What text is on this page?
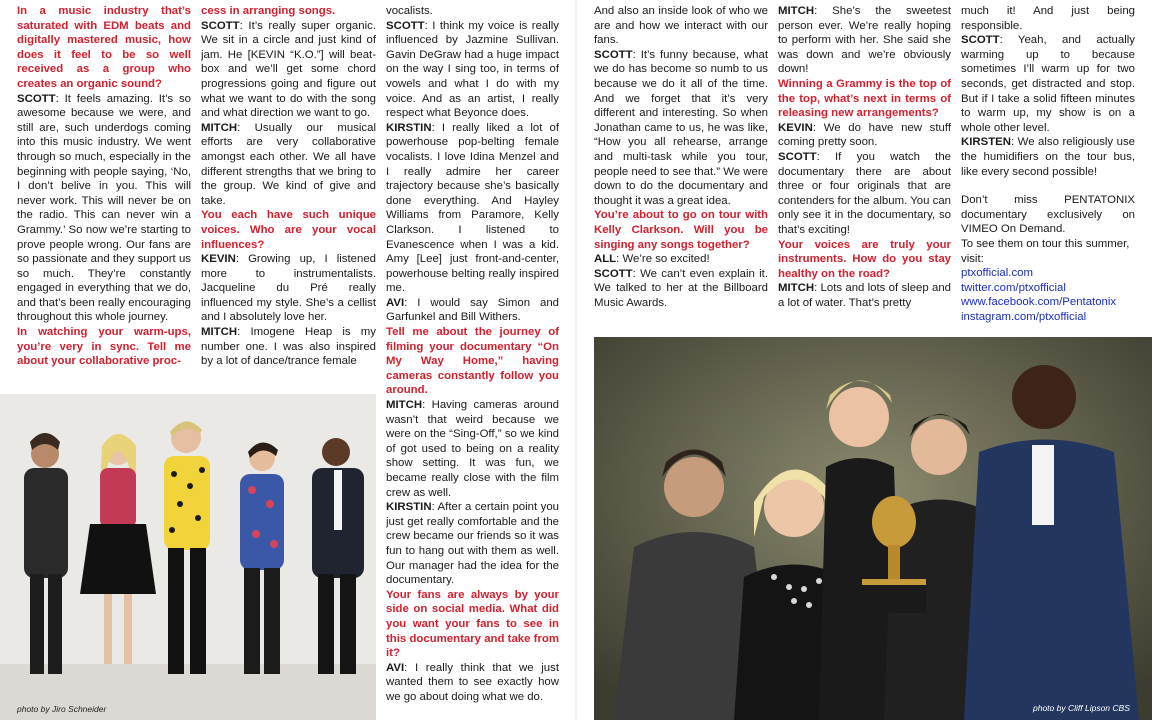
In a music industry that’s saturated with EDM beats and digitally mastered music, how does it feel to be so well received as a group who creates an organic sound?

SCOTT: It feels amazing. It’s so awesome because we were, and still are, such underdogs coming into this music industry. We went through so much, especially in the beginning with people saying, ‘No, I don’t belive in you. This will never work. This will never be on the radio. This can never win a Grammy.’ So now we’re starting to prove people wrong. Our fans are so passionate and they support us so much. They’re constantly engaged in everything that we do, and that’s been really encouraging throughout this whole journey.

In watching your warm-ups, you’re very in sync. Tell me about your collaborative proc-

cess in arranging songs.

SCOTT: It’s really super organic. We sit in a circle and just kind of jam. He [KEVIN “K.O.”] will beat-box and we’ll get some chord progressions going and figure out what we want to do with the song and what direction we want to go.

MITCH: Usually our musical efforts are very collaborative amongst each other. We all have different strengths that we bring to the group. We kind of give and take.

You each have such unique voices. Who are your vocal influences?

KEVIN: Growing up, I listened more to instrumentalists. Jacqueline du Pré really influenced my style. She’s a cellist and I absolutely love her.

MITCH: Imogene Heap is my number one. I was also inspired by a lot of dance/trance female

vocalists.

SCOTT: I think my voice is really influenced by Jazmine Sullivan. Gavin DeGraw had a huge impact on the way I sing too, in terms of vowels and what I do with my voice. And as an artist, I really respect what Beyonce does.

KIRSTIN: I really liked a lot of powerhouse pop-belting female vocalists. I love Idina Menzel and I really admire her career trajectory because she’s basically done everything. And Hayley Williams from Paramore, Kelly Clarkson. I listened to Evanescence when I was a kid. Amy [Lee] just front-and-center, powerhouse belting really inspired me.

AVI: I would say Simon and Garfunkel and Bill Withers.

Tell me about the journey of filming your documentary “On My Way Home,” having cameras constantly follow you around.

MITCH: Having cameras around wasn’t that weird because we were on the “Sing-Off,” so we kind of got used to being on a reality show setting. It was fun, we became really close with the film crew as well.

KIRSTIN: After a certain point you just get really comfortable and the crew became our friends so it was fun to hang out with them as well. Our manager had the idea for the documentary.

Your fans are always by your side on social media. What did you want your fans to see in this documentary and take from it?

AVI: I really think that we just wanted them to see exactly how we go about doing what we do.

photo by Jiro Schneider

And also an inside look of who we are and how we interact with our fans.

SCOTT: It’s funny because, what we do has become so numb to us because we do it all of the time. And we forget that it’s very different and interesting. So when Jonathan came to us, he was like, “How you all rehearse, arrange and multi-task while you tour, people need to see that.” We were down to do the documentary and thought it was a great idea.

You’re about to go on tour with Kelly Clarkson. Will you be singing any songs together?

ALL: We’re so excited!

SCOTT: We can’t even explain it. We talked to her at the Billboard Music Awards.

MITCH: She’s the sweetest person ever. We’re really hoping to perform with her. She said she was down and we’re obviously down!

Winning a Grammy is the top of the top, what’s next in terms of releasing new arrangements?

KEVIN: We do have new stuff coming pretty soon.

SCOTT: If you watch the documentary there are about three or four originals that are contenders for the album. You can only see it in the documentary, so that’s exciting!

Your voices are truly your instruments. How do you stay healthy on the road?

MITCH: Lots and lots of sleep and a lot of water. That’s pretty

much it! And just being responsible.

SCOTT: Yeah, and actually warming up to because sometimes I’ll warm up for two seconds, get distracted and stop. But if I take a solid fifteen minutes to warm up, my show is on a whole other level.

KIRSTEN: We also religiously use the humidifiers on the tour bus, like every second possible!

Don’t miss PENTATONIX documentary exclusively on VIMEO On Demand.

To see them on tour this summer, visit:

ptxofficial.com
twitter.com/ptxofficial
www.facebook.com/Pentatonix
instagram.com/ptxofficial
photo by Cliff Lipson CBS
